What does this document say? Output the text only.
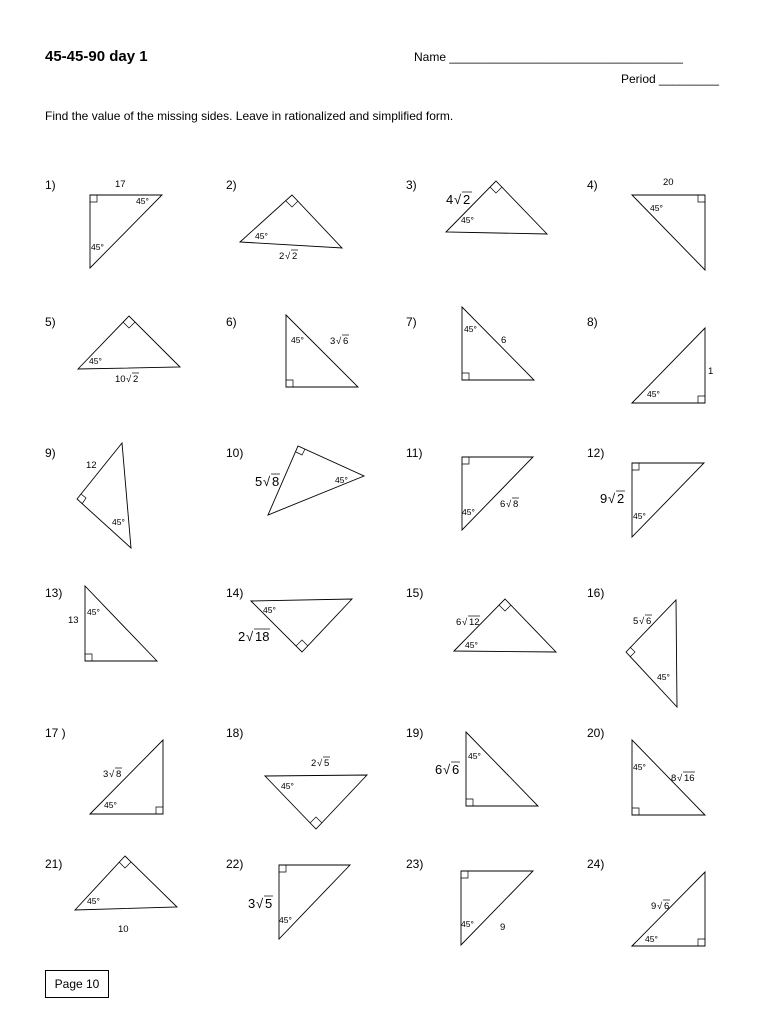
45-45-90 day 1	Name ___________________________________
Period _________
Find the value of the missing sides. Leave in rationalized and simplified form.
1)	17
45°
45°
2)
45°
2 √ 2
3)
45°
4 √ 2
4)	20
45°
5)
45°
10 √ 2
6)
45°	3 √ 6
7)	45°
6
8)
45°
1
9)
12
45°
10)
45°
5 √ 8
11)
45°
6 √ 8
12)
45°
9 √ 2
13)
45°
13
14)
45°
2 √ 18
15)
45°
6 √ 12
16)
45°
5 √ 6
17 )
45°
3 √ 8
18)
45°
2 √ 5
19)
45°
6 √ 6
20)
45°
8 √ 16
21)
45°
10
22)
45°
3 √ 5
23)
45°	9
24)
45°
9 √ 6
Page 10
